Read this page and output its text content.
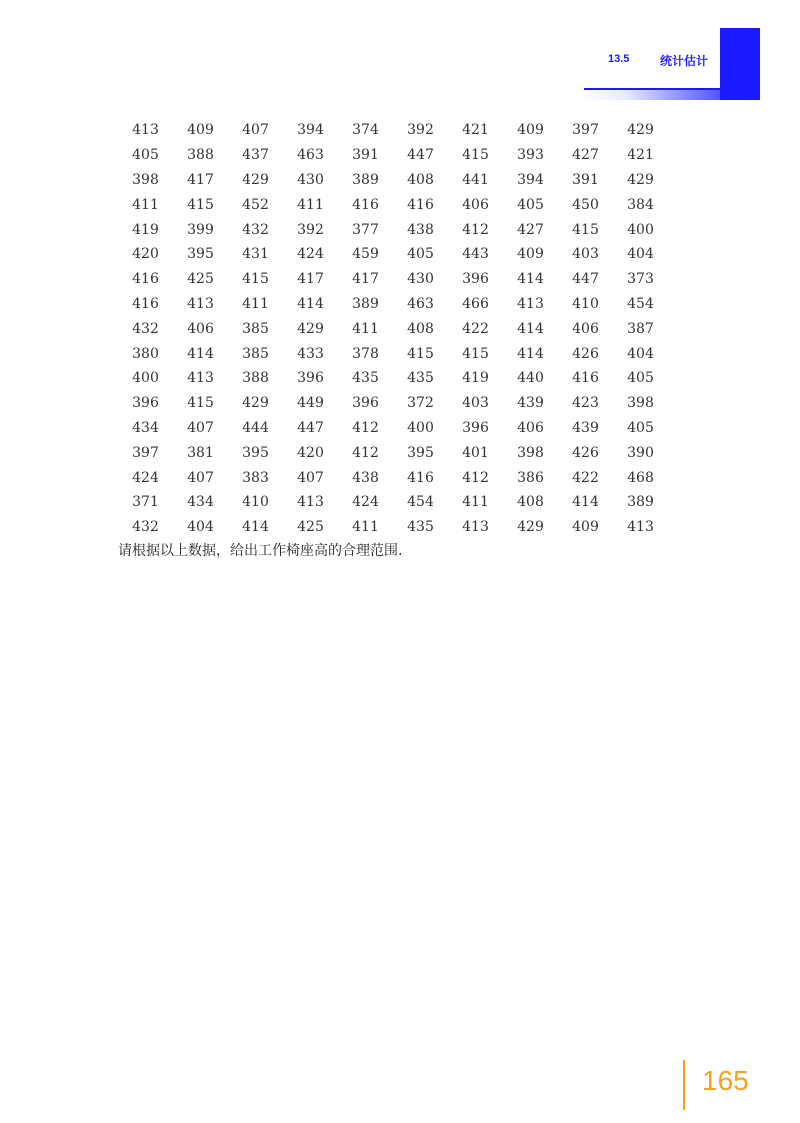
13.5	统计估计
413	409	407	394	374	392	421	409	397	429
405	388	437	463	391	447	415	393	427	421
398	417	429	430	389	408	441	394	391	429
411	415	452	411	416	416	406	405	450	384
419	399	432	392	377	438	412	427	415	400
420	395	431	424	459	405	443	409	403	404
416	425	415	417	417	430	396	414	447	373
416	413	411	414	389	463	466	413	410	454
432	406	385	429	411	408	422	414	406	387
380	414	385	433	378	415	415	414	426	404
400	413	388	396	435	435	419	440	416	405
396	415	429	449	396	372	403	439	423	398
434	407	444	447	412	400	396	406	439	405
397	381	395	420	412	395	401	398	426	390
424	407	383	407	438	416	412	386	422	468
371	434	410	413	424	454	411	408	414	389
432	404	414	425	411	435	413	429	409	413
请根据以上数据，给出工作椅座高的合理范围.
165
